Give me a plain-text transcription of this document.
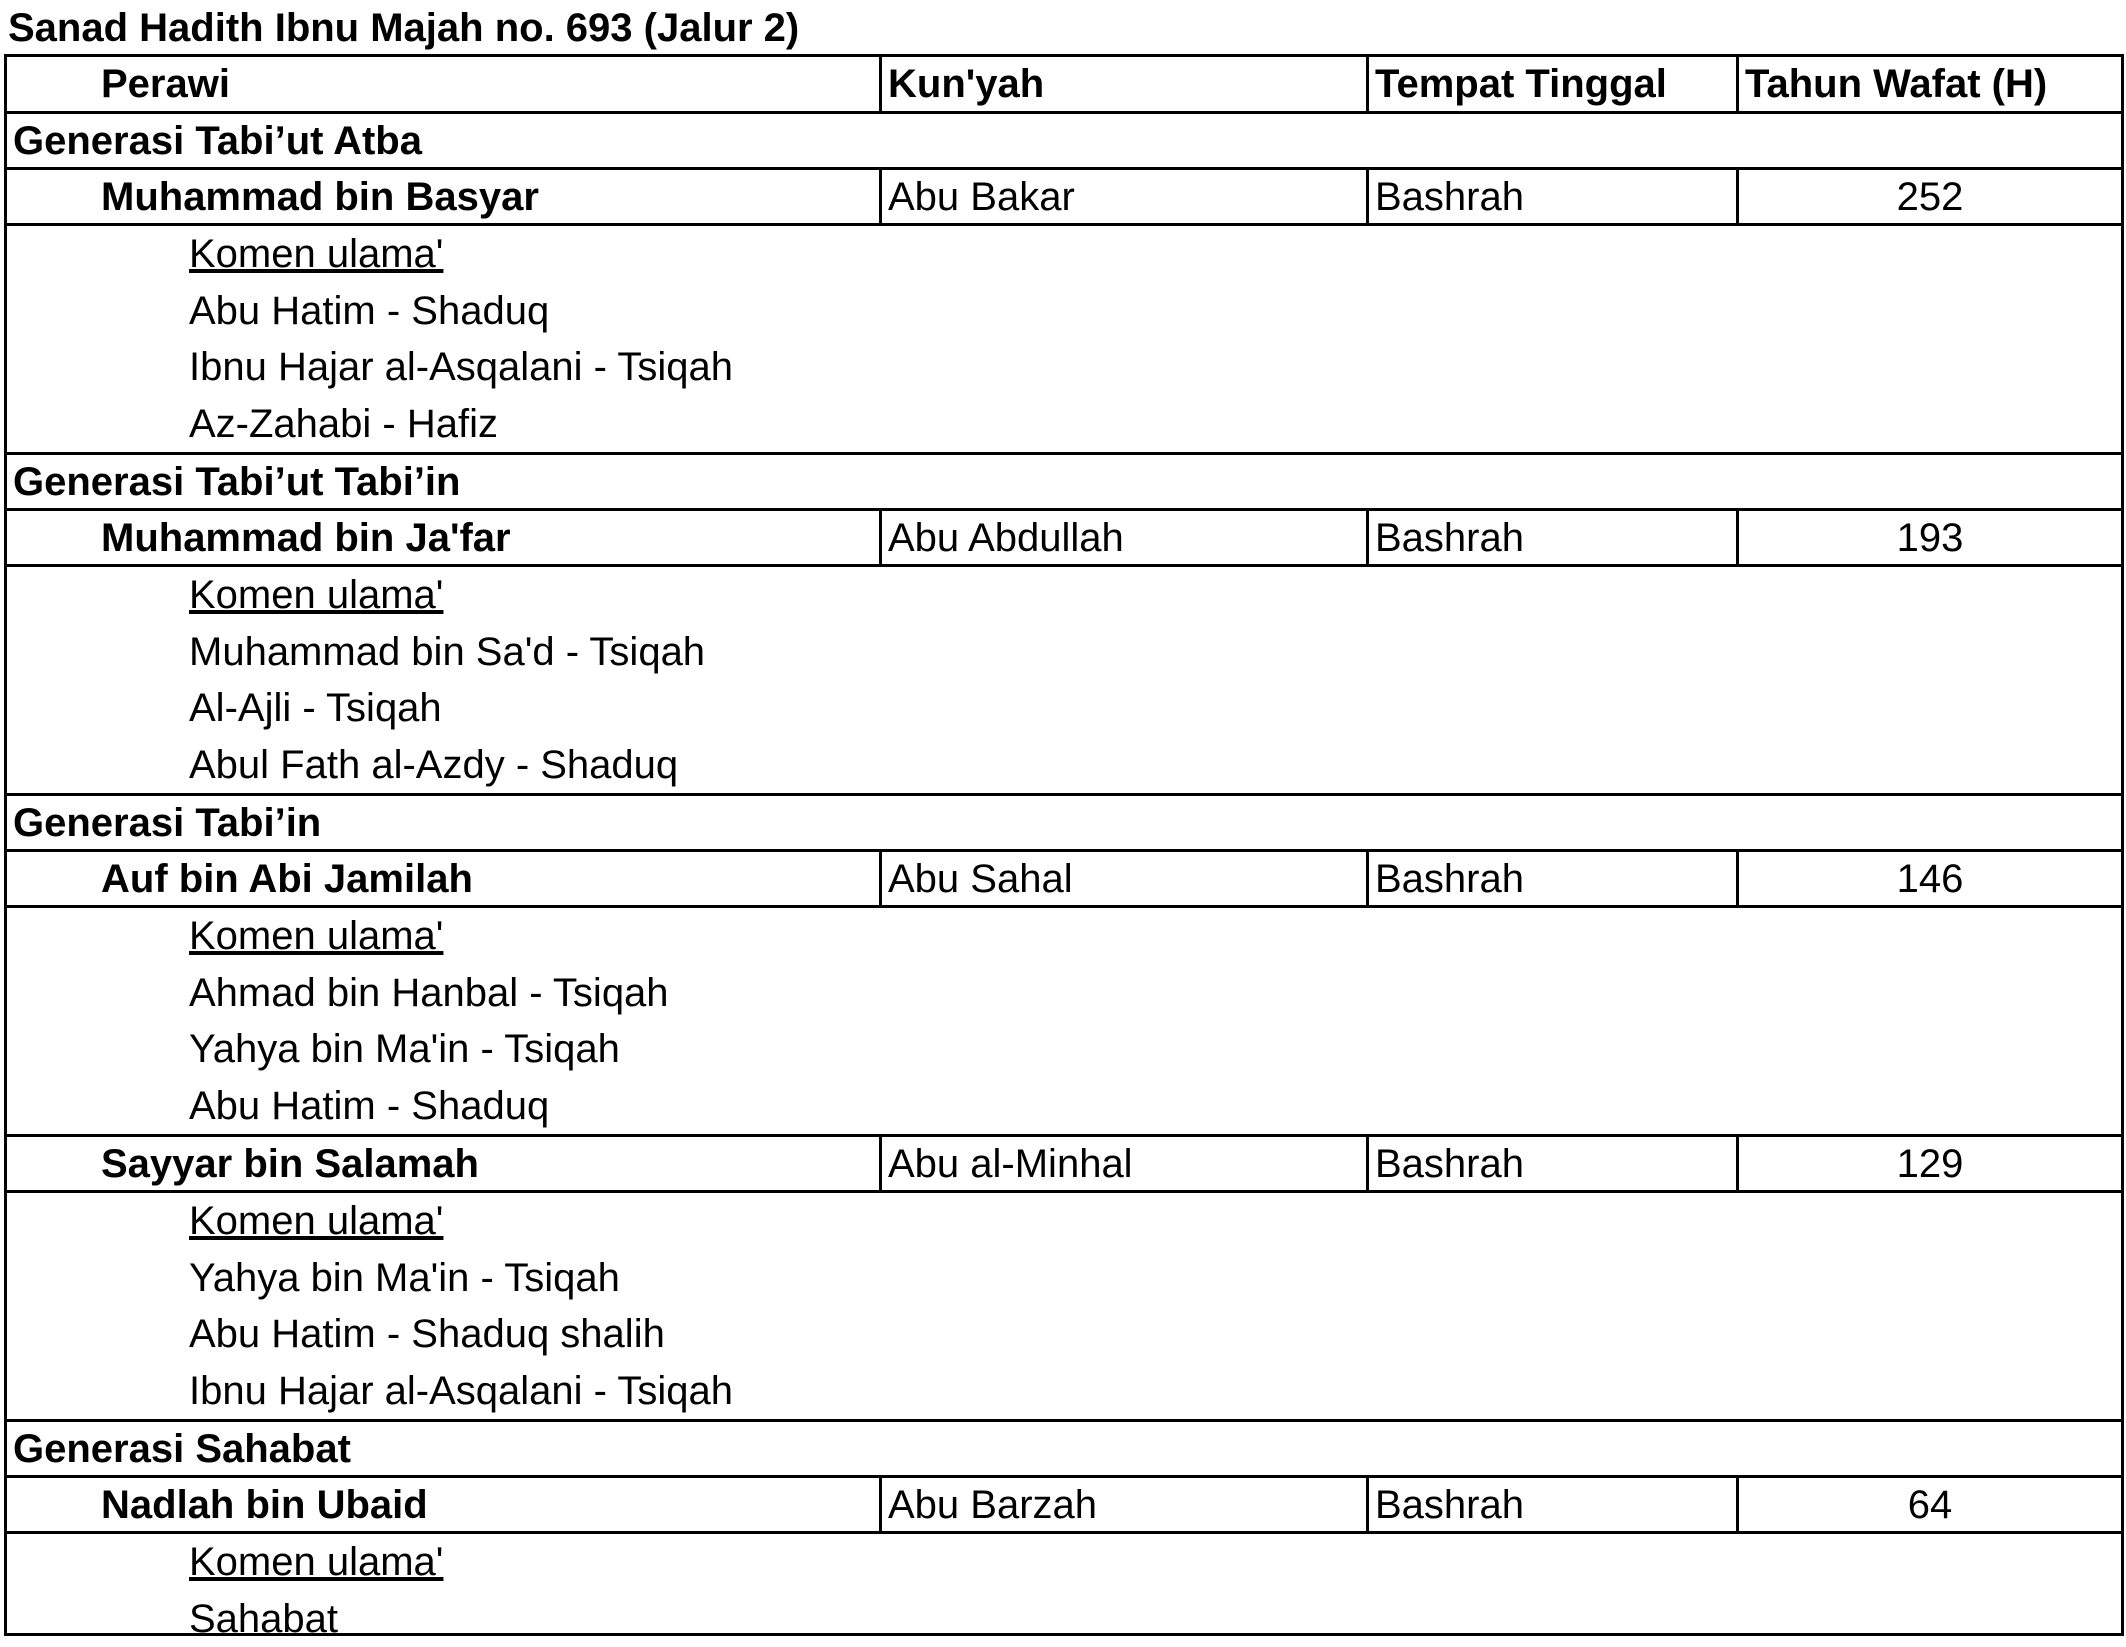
Sanad Hadith Ibnu Majah no. 693 (Jalur 2)
Perawi	Kun'yah	Tempat Tinggal	Tahun Wafat (H)
Generasi Tabi’ut Atba
Muhammad bin Basyar	Abu Bakar	Bashrah	252
Komen ulama'
Abu Hatim - Shaduq
Ibnu Hajar al-Asqalani - Tsiqah
Az-Zahabi - Hafiz
Generasi Tabi’ut Tabi’in
Muhammad bin Ja'far	Abu Abdullah	Bashrah	193
Komen ulama'
Muhammad bin Sa'd - Tsiqah
Al-Ajli - Tsiqah
Abul Fath al-Azdy - Shaduq
Generasi Tabi’in
Auf bin Abi Jamilah	Abu Sahal	Bashrah	146
Komen ulama'
Ahmad bin Hanbal - Tsiqah
Yahya bin Ma'in - Tsiqah
Abu Hatim - Shaduq
Sayyar bin Salamah	Abu al-Minhal	Bashrah	129
Komen ulama'
Yahya bin Ma'in - Tsiqah
Abu Hatim - Shaduq shalih
Ibnu Hajar al-Asqalani - Tsiqah
Generasi Sahabat
Nadlah bin Ubaid	Abu Barzah	Bashrah	64
Komen ulama'
Sahabat
